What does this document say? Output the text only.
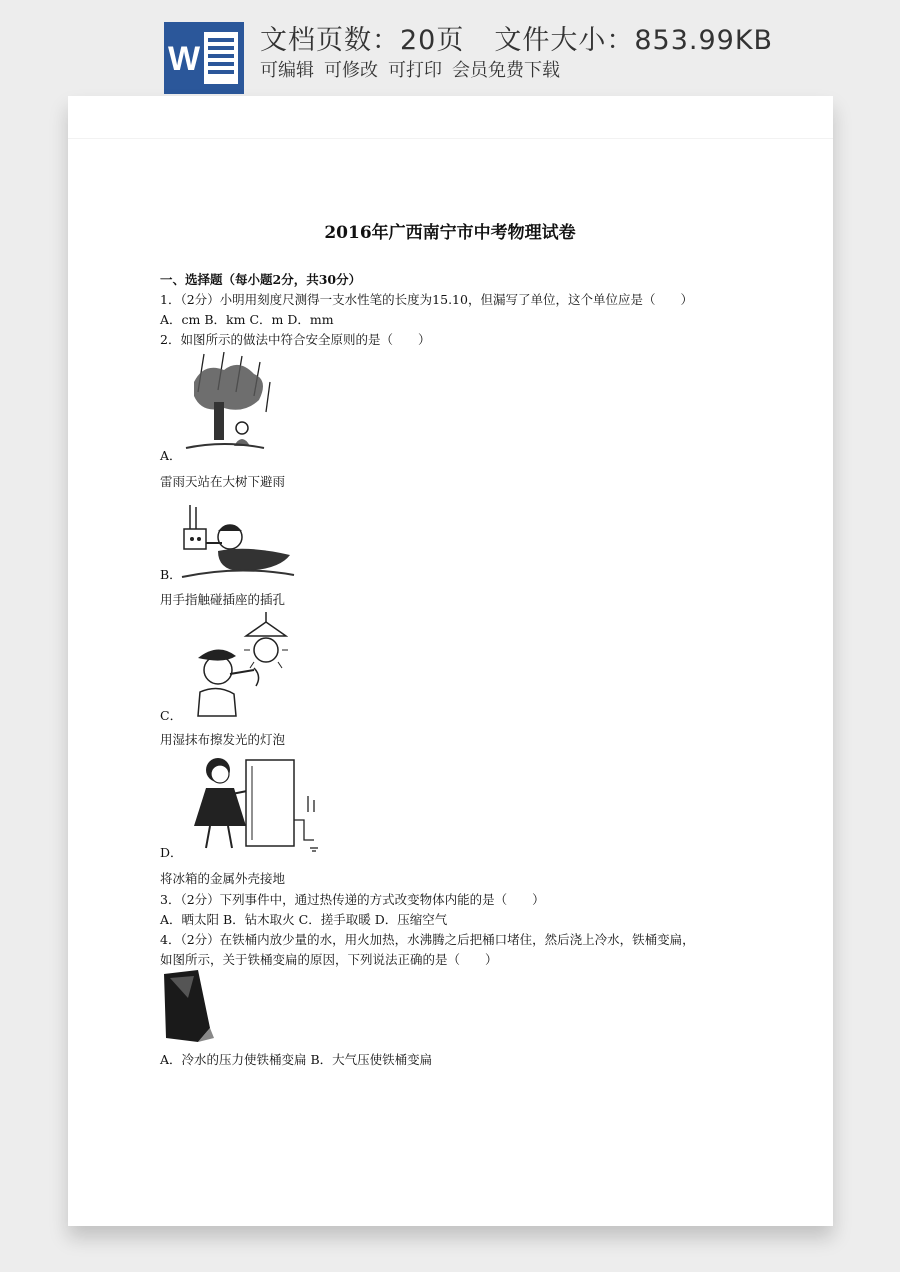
W 文档页数：20页 文件大小：853.99KB
可编辑 可修改 可打印 会员免费下载
2016年广西南宁市中考物理试卷
一、选择题（每小题2分，共30分）
1．（2分）小明用刻度尺测得一支水性笔的长度为15.10，但漏写了单位，这个单位应是（　　）
A．cm B．km C．m D．mm
2．如图所示的做法中符合安全原则的是（　　）
A．
雷雨天站在大树下避雨
B．
用手指触碰插座的插孔
C．
用湿抹布擦发光的灯泡
D．
将冰箱的金属外壳接地
3．（2分）下列事件中，通过热传递的方式改变物体内能的是（　　）
A．晒太阳 B．钻木取火 C．搓手取暖 D．压缩空气
4．（2分）在铁桶内放少量的水，用火加热，水沸腾之后把桶口堵住，然后浇上冷水，铁桶变扁，
如图所示，关于铁桶变扁的原因，下列说法正确的是（　　）
A．冷水的压力使铁桶变扁 B．大气压使铁桶变扁
